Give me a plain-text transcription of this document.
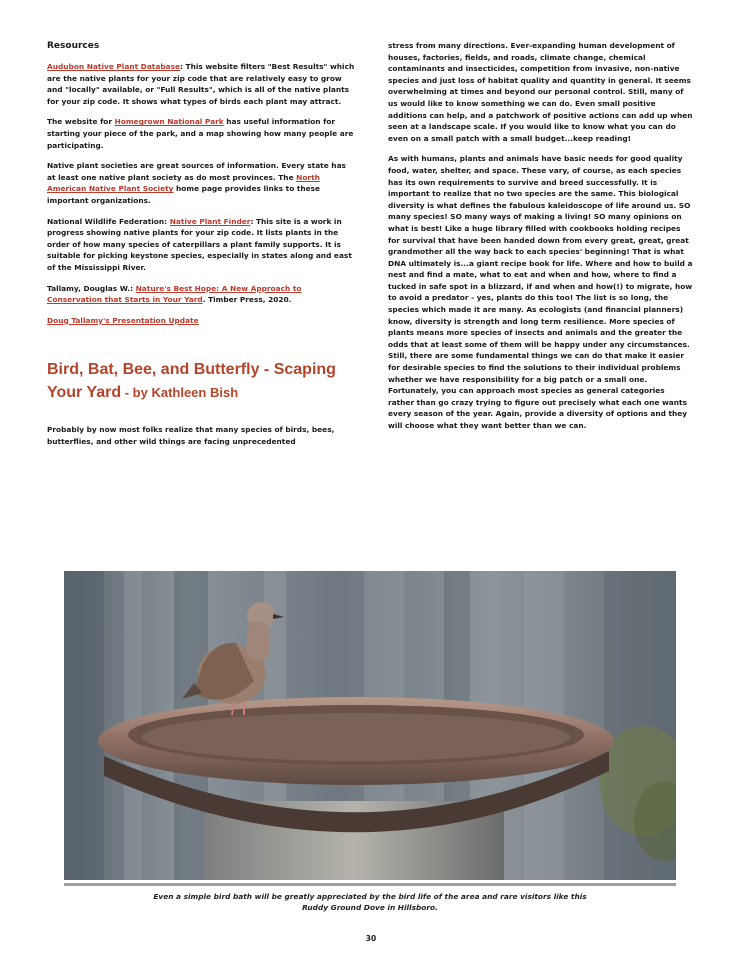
Resources

Audubon Native Plant Database: This website filters "Best Results" which are the native plants for your zip code that are relatively easy to grow and "locally" available, or "Full Results", which is all of the native plants for your zip code. It shows what types of birds each plant may attract.

The website for Homegrown National Park has useful information for starting your piece of the park, and a map showing how many people are participating.

Native plant societies are great sources of information. Every state has at least one native plant society as do most provinces. The North American Native Plant Society home page provides links to these important organizations.

National Wildlife Federation: Native Plant Finder: This site is a work in progress showing native plants for your zip code. It lists plants in the order of how many species of caterpillars a plant family supports. It is suitable for picking keystone species, especially in states along and east of the Mississippi River.

Tallamy, Douglas W.: Nature's Best Hope: A New Approach to Conservation that Starts in Your Yard. Timber Press, 2020.

Doug Tallamy's Presentation Update

Bird, Bat, Bee, and Butterfly - Scaping Your Yard - by Kathleen Bish

Probably by now most folks realize that many species of birds, bees, butterflies, and other wild things are facing unprecedented

stress from many directions. Ever-expanding human development of houses, factories, fields, and roads, climate change, chemical contaminants and insecticides, competition from invasive, non-native species and just loss of habitat quality and quantity in general. It seems overwhelming at times and beyond our personal control. Still, many of us would like to know something we can do. Even small positive additions can help, and a patchwork of positive actions can add up when seen at a landscape scale. If you would like to know what you can do even on a small patch with a small budget...keep reading!

As with humans, plants and animals have basic needs for good quality food, water, shelter, and space. These vary, of course, as each species has its own requirements to survive and breed successfully. It is important to realize that no two species are the same. This biological diversity is what defines the fabulous kaleidoscope of life around us. SO many species! SO many ways of making a living! SO many opinions on what is best! Like a huge library filled with cookbooks holding recipes for survival that have been handed down from every great, great, great grandmother all the way back to each species' beginning! That is what DNA ultimately is...a giant recipe book for life. Where and how to build a nest and find a mate, what to eat and when and how, where to find a tucked in safe spot in a blizzard, if and when and how(!) to migrate, how to avoid a predator - yes, plants do this too! The list is so long, the species which made it are many. As ecologists (and financial planners) know, diversity is strength and long term resilience. More species of plants means more species of insects and animals and the greater the odds that at least some of them will be happy under any circumstances. Still, there are some fundamental things we can do that make it easier for desirable species to find the solutions to their individual problems whether we have responsibility for a big patch or a small one. Fortunately, you can approach most species as general categories rather than go crazy trying to figure out precisely what each one wants every season of the year. Again, provide a diversity of options and they will choose what they want better than we can.

Even a simple bird bath will be greatly appreciated by the bird life of the area and rare visitors like this Ruddy Ground Dove in Hillsboro.
30
